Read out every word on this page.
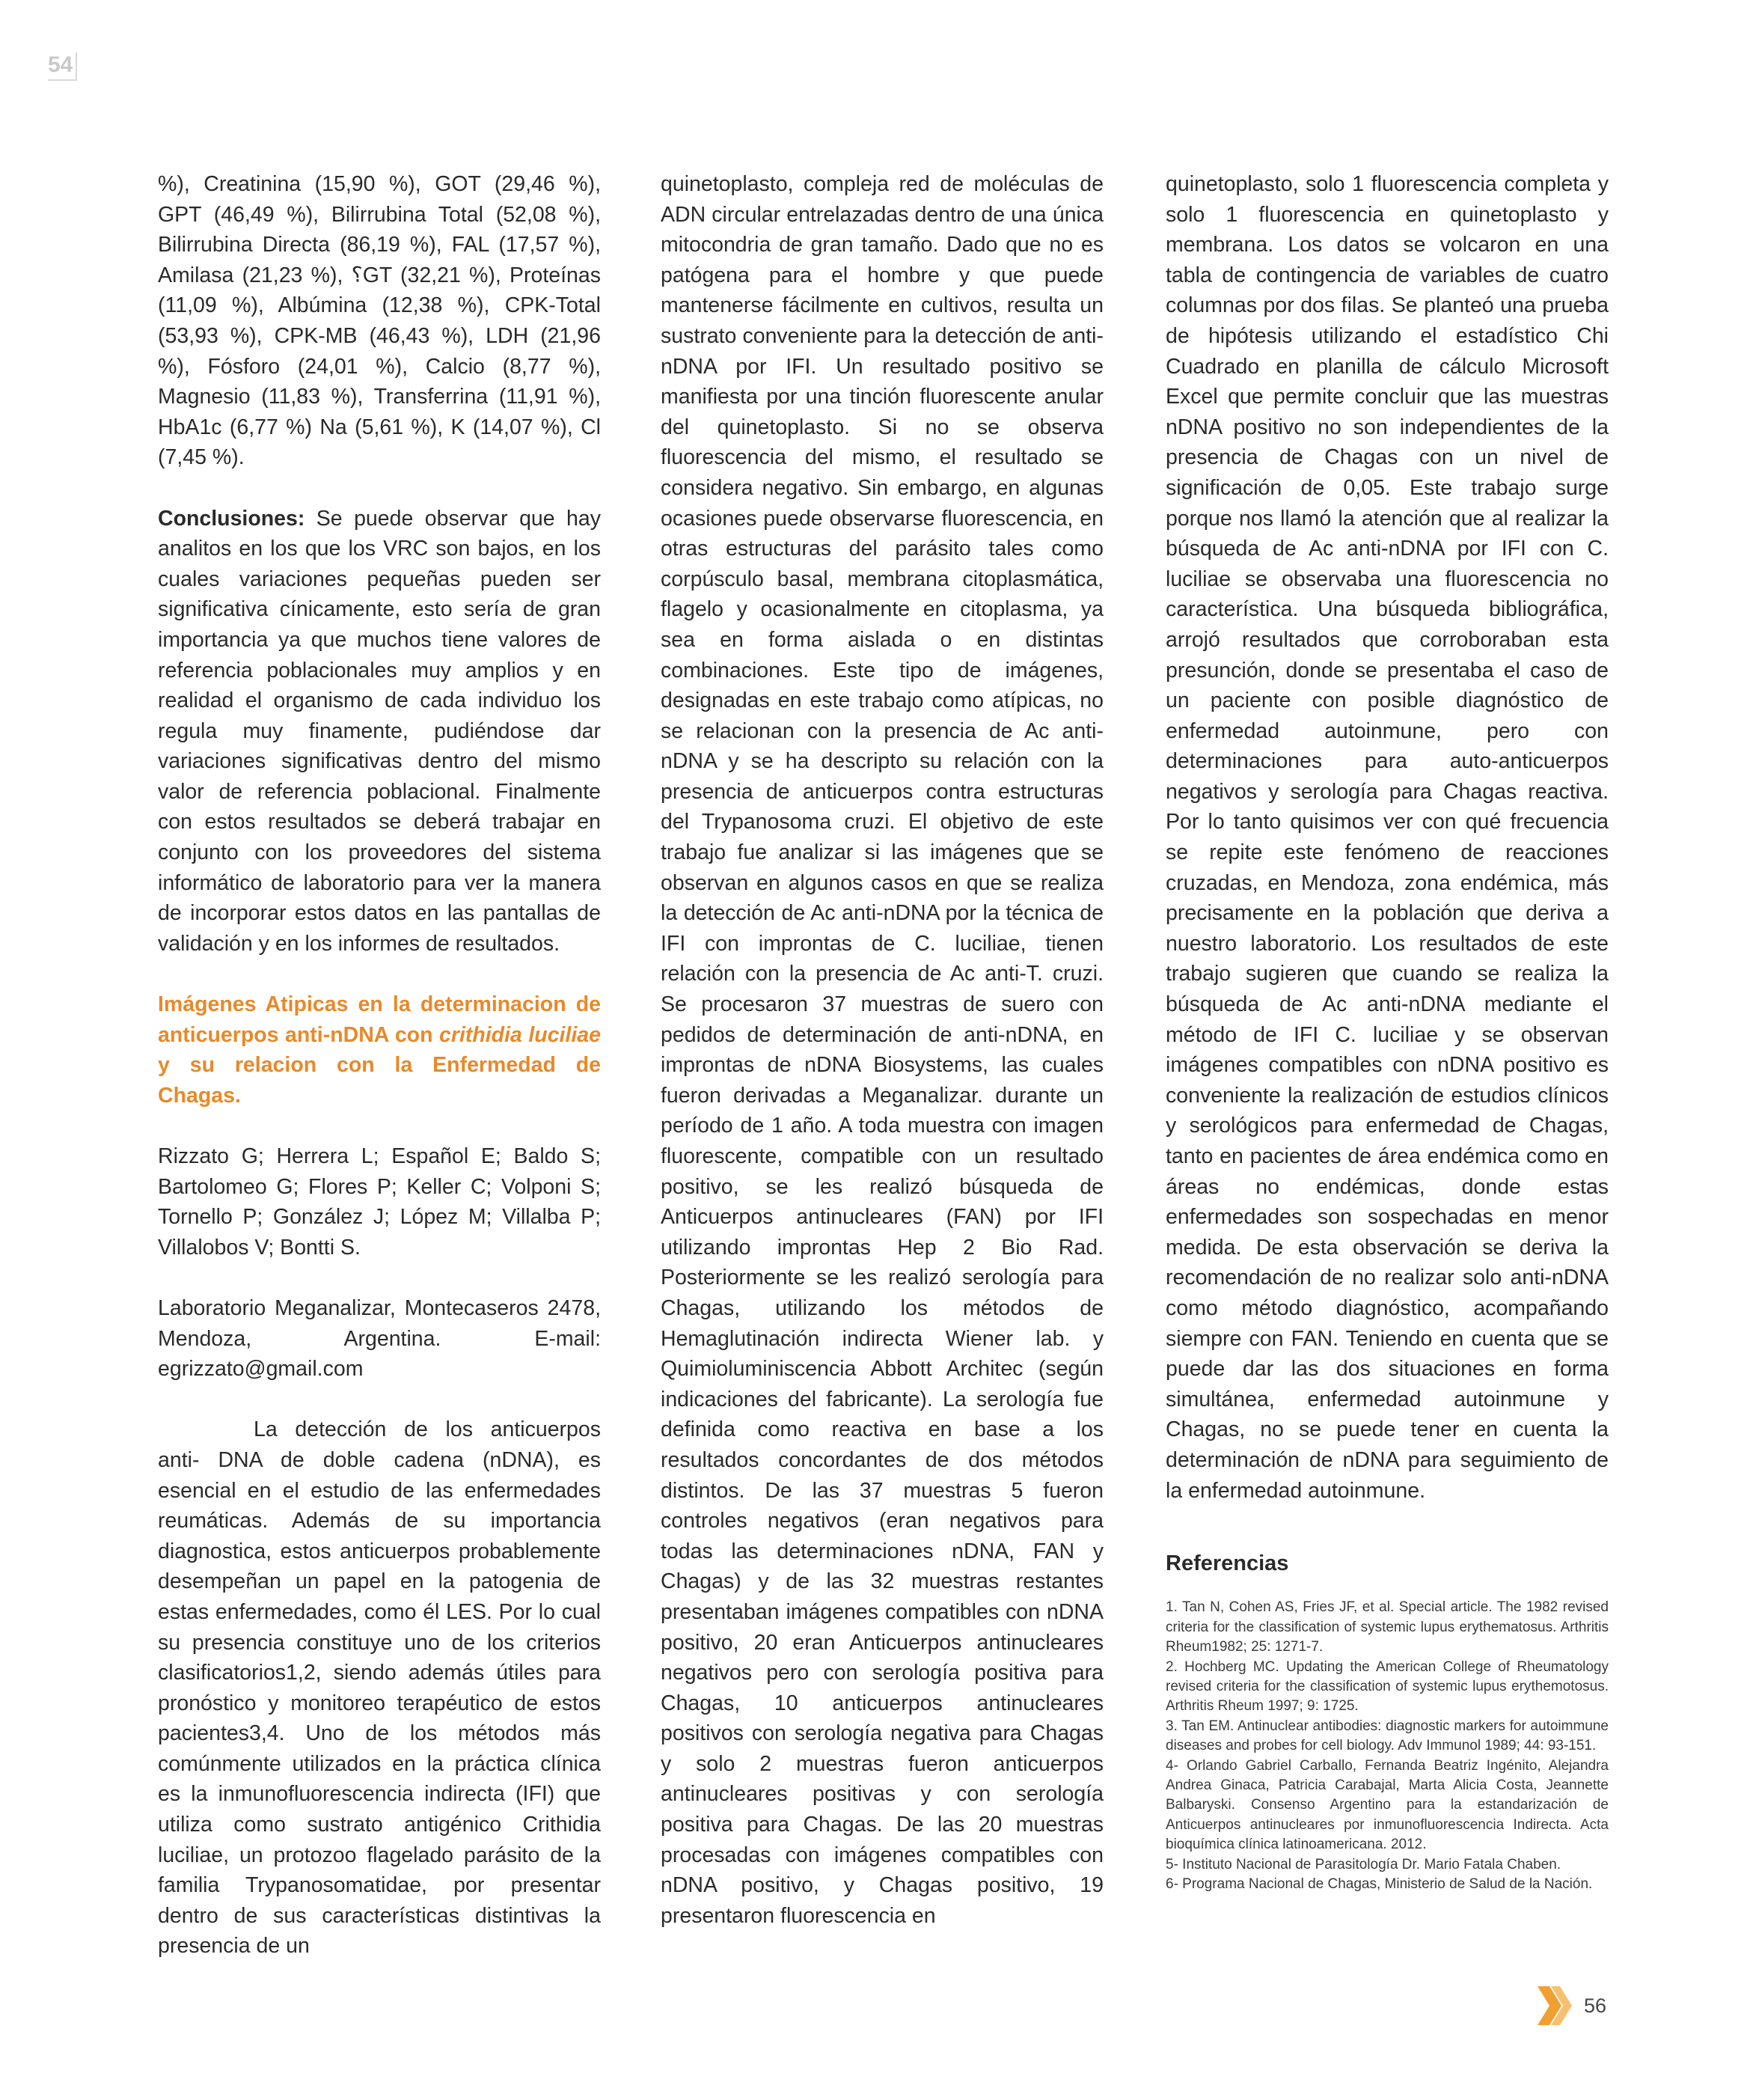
54

%), Creatinina (15,90 %), GOT (29,46 %), GPT (46,49 %), Bilirrubina Total (52,08 %), Bilirrubina Directa (86,19 %), FAL (17,57 %), Amilasa (21,23 %), ⸮GT (32,21 %), Proteínas (11,09 %), Albúmina (12,38 %), CPK-Total (53,93 %), CPK-MB (46,43 %), LDH (21,96 %), Fósforo (24,01 %), Calcio (8,77 %), Magnesio (11,83 %), Transferrina (11,91 %), HbA1c (6,77 %) Na (5,61 %), K (14,07 %), Cl (7,45 %).

Conclusiones: Se puede observar que hay analitos en los que los VRC son bajos, en los cuales variaciones pequeñas pueden ser significativa cínicamente, esto sería de gran importancia ya que muchos tiene valores de referencia poblacionales muy amplios y en realidad el organismo de cada individuo los regula muy finamente, pudiéndose dar variaciones significativas dentro del mismo valor de referencia poblacional. Finalmente con estos resultados se deberá trabajar en conjunto con los proveedores del sistema informático de laboratorio para ver la manera de incorporar estos datos en las pantallas de validación y en los informes de resultados.

Imágenes Atipicas en la determinacion de anticuerpos anti-nDNA con crithidia luciliae y su relacion con la Enfermedad de Chagas.

Rizzato G; Herrera L; Español E; Baldo S; Bartolomeo G; Flores P; Keller C; Volponi S; Tornello P; González J; López M; Villalba P; Villalobos V; Bontti S.

Laboratorio Meganalizar, Montecaseros 2478, Mendoza, Argentina. E-mail: egrizzato@gmail.com

La detección de los anticuerpos anti- DNA de doble cadena (nDNA), es esencial en el estudio de las enfermedades reumáticas. Además de su importancia diagnostica, estos anticuerpos probablemente desempeñan un papel en la patogenia de estas enfermedades, como él LES. Por lo cual su presencia constituye uno de los criterios clasificatorios1,2, siendo además útiles para pronóstico y monitoreo terapéutico de estos pacientes3,4. Uno de los métodos más comúnmente utilizados en la práctica clínica es la inmunofluorescencia indirecta (IFI) que utiliza como sustrato antigénico Crithidia luciliae, un protozoo flagelado parásito de la familia Trypanosomatidae, por presentar dentro de sus características distintivas la presencia de un

quinetoplasto, compleja red de moléculas de ADN circular entrelazadas dentro de una única mitocondria de gran tamaño. Dado que no es patógena para el hombre y que puede mantenerse fácilmente en cultivos, resulta un sustrato conveniente para la detección de anti-nDNA por IFI. Un resultado positivo se manifiesta por una tinción fluorescente anular del quinetoplasto. Si no se observa fluorescencia del mismo, el resultado se considera negativo. Sin embargo, en algunas ocasiones puede observarse fluorescencia, en otras estructuras del parásito tales como corpúsculo basal, membrana citoplasmática, flagelo y ocasionalmente en citoplasma, ya sea en forma aislada o en distintas combinaciones. Este tipo de imágenes, designadas en este trabajo como atípicas, no se relacionan con la presencia de Ac anti-nDNA y se ha descripto su relación con la presencia de anticuerpos contra estructuras del Trypanosoma cruzi. El objetivo de este trabajo fue analizar si las imágenes que se observan en algunos casos en que se realiza la detección de Ac anti-nDNA por la técnica de IFI con improntas de C. luciliae, tienen relación con la presencia de Ac anti-T. cruzi. Se procesaron 37 muestras de suero con pedidos de determinación de anti-nDNA, en improntas de nDNA Biosystems, las cuales fueron derivadas a Meganalizar. durante un período de 1 año. A toda muestra con imagen fluorescente, compatible con un resultado positivo, se les realizó búsqueda de Anticuerpos antinucleares (FAN) por IFI utilizando improntas Hep 2 Bio Rad. Posteriormente se les realizó serología para Chagas, utilizando los métodos de Hemaglutinación indirecta Wiener lab. y Quimioluminiscencia Abbott Architec (según indicaciones del fabricante). La serología fue definida como reactiva en base a los resultados concordantes de dos métodos distintos. De las 37 muestras 5 fueron controles negativos (eran negativos para todas las determinaciones nDNA, FAN y Chagas) y de las 32 muestras restantes presentaban imágenes compatibles con nDNA positivo, 20 eran Anticuerpos antinucleares negativos pero con serología positiva para Chagas, 10 anticuerpos antinucleares positivos con serología negativa para Chagas y solo 2 muestras fueron anticuerpos antinucleares positivas y con serología positiva para Chagas. De las 20 muestras procesadas con imágenes compatibles con nDNA positivo, y Chagas positivo, 19 presentaron fluorescencia en

quinetoplasto, solo 1 fluorescencia completa y solo 1 fluorescencia en quinetoplasto y membrana. Los datos se volcaron en una tabla de contingencia de variables de cuatro columnas por dos filas. Se planteó una prueba de hipótesis utilizando el estadístico Chi Cuadrado en planilla de cálculo Microsoft Excel que permite concluir que las muestras nDNA positivo no son independientes de la presencia de Chagas con un nivel de significación de 0,05. Este trabajo surge porque nos llamó la atención que al realizar la búsqueda de Ac anti-nDNA por IFI con C. luciliae se observaba una fluorescencia no característica. Una búsqueda bibliográfica, arrojó resultados que corroboraban esta presunción, donde se presentaba el caso de un paciente con posible diagnóstico de enfermedad autoinmune, pero con determinaciones para auto-anticuerpos negativos y serología para Chagas reactiva. Por lo tanto quisimos ver con qué frecuencia se repite este fenómeno de reacciones cruzadas, en Mendoza, zona endémica, más precisamente en la población que deriva a nuestro laboratorio. Los resultados de este trabajo sugieren que cuando se realiza la búsqueda de Ac anti-nDNA mediante el método de IFI C. luciliae y se observan imágenes compatibles con nDNA positivo es conveniente la realización de estudios clínicos y serológicos para enfermedad de Chagas, tanto en pacientes de área endémica como en áreas no endémicas, donde estas enfermedades son sospechadas en menor medida. De esta observación se deriva la recomendación de no realizar solo anti-nDNA como método diagnóstico, acompañando siempre con FAN. Teniendo en cuenta que se puede dar las dos situaciones en forma simultánea, enfermedad autoinmune y Chagas, no se puede tener en cuenta la determinación de nDNA para seguimiento de la enfermedad autoinmune.

Referencias

1. Tan N, Cohen AS, Fries JF, et al. Special article. The 1982 revised criteria for the classification of systemic lupus erythematosus. Arthritis Rheum1982; 25: 1271-7.

2. Hochberg MC. Updating the American College of Rheumatology revised criteria for the classification of systemic lupus erythemotosus. Arthritis Rheum 1997; 9: 1725.

3. Tan EM. Antinuclear antibodies: diagnostic markers for autoimmune diseases and probes for cell biology. Adv Immunol 1989; 44: 93-151.

4- Orlando Gabriel Carballo, Fernanda Beatriz Ingénito, Alejandra Andrea Ginaca, Patricia Carabajal, Marta Alicia Costa, Jeannette Balbaryski. Consenso Argentino para la estandarización de Anticuerpos antinucleares por inmunofluorescencia Indirecta. Acta bioquímica clínica latinoamericana. 2012.

5- Instituto Nacional de Parasitología Dr. Mario Fatala Chaben.

6- Programa Nacional de Chagas, Ministerio de Salud de la Nación.

56
